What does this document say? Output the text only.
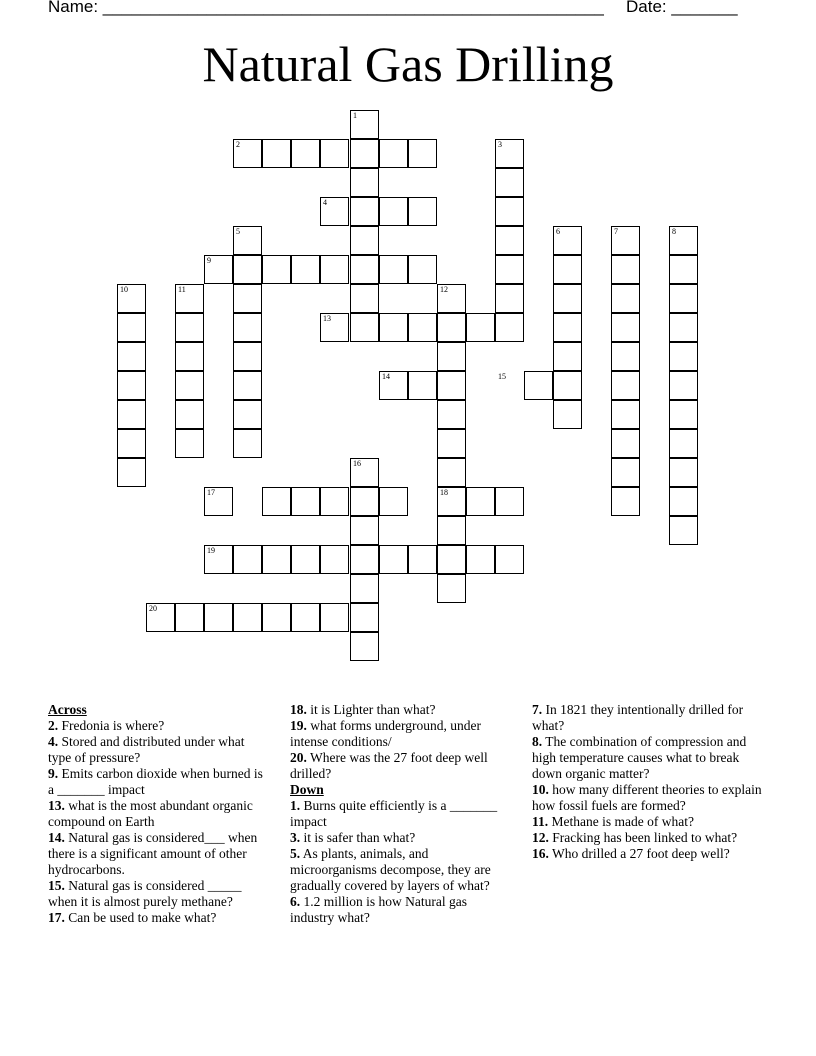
Name: _____________________________________________________ Date: _______
Natural Gas Drilling
1
2	3
4
5	6	7	8
9
10	11	12
13
14	15
16
17	18
19
20
Across
2. Fredonia is where?
4. Stored and distributed under what type of pressure?
9. Emits carbon dioxide when burned is a _______ impact
13. what is the most abundant organic compound on Earth
14. Natural gas is considered___ when there is a significant amount of other hydrocarbons.
15. Natural gas is considered _____ when it is almost purely methane?
17. Can be used to make what?
18. it is Lighter than what?
19. what forms underground, under intense conditions/
20. Where was the 27 foot deep well drilled?
Down
1. Burns quite efficiently is a _______ impact
3. it is safer than what?
5. As plants, animals, and microorganisms decompose, they are gradually covered by layers of what?
6. 1.2 million is how Natural gas industry what?
7. In 1821 they intentionally drilled for what?
8. The combination of compression and high temperature causes what to break down organic matter?
10. how many different theories to explain how fossil fuels are formed?
11. Methane is made of what?
12. Fracking has been linked to what?
16. Who drilled a 27 foot deep well?
